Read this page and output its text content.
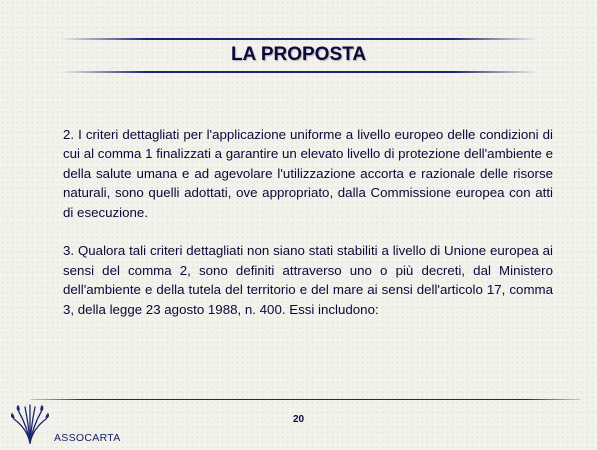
LA PROPOSTA

2. I criteri dettagliati per l'applicazione uniforme a livello europeo delle condizioni di cui al comma 1 finalizzati a garantire un elevato livello di protezione dell'ambiente e della salute umana e ad agevolare l'utilizzazione accorta e razionale delle risorse naturali, sono quelli adottati, ove appropriato, dalla Commissione europea con atti di esecuzione.

3. Qualora tali criteri dettagliati non siano stati stabiliti a livello di Unione europea ai sensi del comma 2, sono definiti attraverso uno o più decreti, dal Ministero dell'ambiente e della tutela del territorio e del mare ai sensi dell'articolo 17, comma 3, della legge 23 agosto 1988, n. 400. Essi includono:

20
ASSOCARTA
